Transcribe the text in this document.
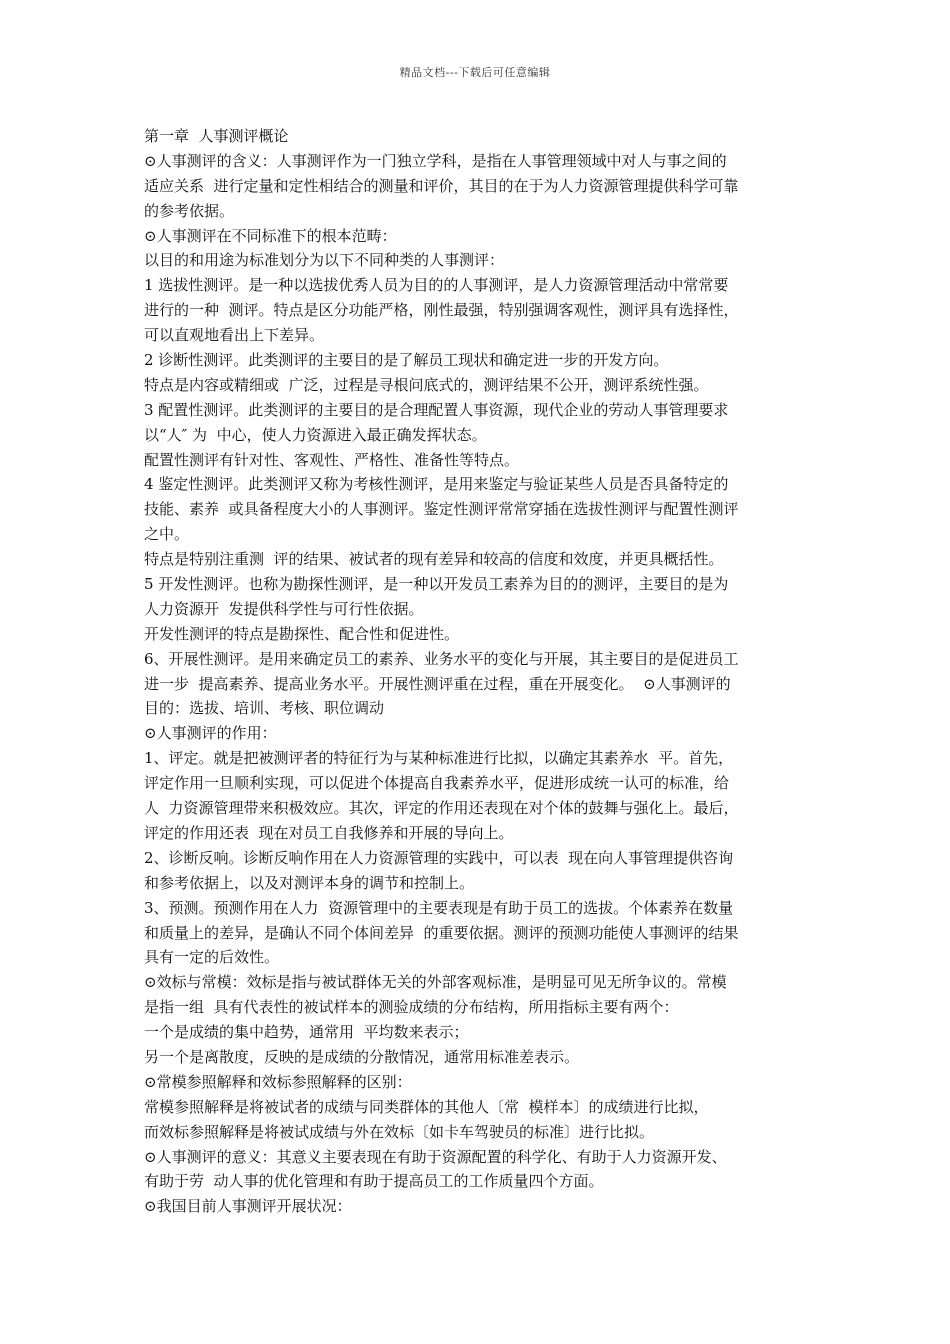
精品文档---下载后可任意编辑
第一章  人事测评概论
⊙人事测评的含义：人事测评作为一门独立学科，是指在人事管理领域中对人与事之间的
适应关系  进行定量和定性相结合的测量和评价，其目的在于为人力资源管理提供科学可靠
的参考依据。
⊙人事测评在不同标准下的根本范畴：
以目的和用途为标准划分为以下不同种类的人事测评：
1 选拔性测评。是一种以选拔优秀人员为目的的人事测评，是人力资源管理活动中常常要
进行的一种  测评。特点是区分功能严格，刚性最强，特别强调客观性，测评具有选择性，
可以直观地看出上下差异。
2 诊断性测评。此类测评的主要目的是了解员工现状和确定进一步的开发方向。
特点是内容或精细或  广泛，过程是寻根问底式的，测评结果不公开，测评系统性强。
3 配置性测评。此类测评的主要目的是合理配置人事资源，现代企业的劳动人事管理要求
以“人″ 为  中心，使人力资源进入最正确发挥状态。
配置性测评有针对性、客观性、严格性、准备性等特点。
4 鉴定性测评。此类测评又称为考核性测评，是用来鉴定与验证某些人员是否具备特定的
技能、素养  或具备程度大小的人事测评。鉴定性测评常常穿插在选拔性测评与配置性测评
之中。
特点是特别注重测  评的结果、被试者的现有差异和较高的信度和效度，并更具概括性。
5 开发性测评。也称为勘探性测评，是一种以开发员工素养为目的的测评，主要目的是为
人力资源开  发提供科学性与可行性依据。
开发性测评的特点是勘探性、配合性和促进性。
6、开展性测评。是用来确定员工的素养、业务水平的变化与开展，其主要目的是促进员工
进一步  提高素养、提高业务水平。开展性测评重在过程，重在开展变化。  ⊙人事测评的
目的：选拔、培训、考核、职位调动
⊙人事测评的作用：
1、评定。就是把被测评者的特征行为与某种标准进行比拟，以确定其素养水  平。首先，
评定作用一旦顺利实现，可以促进个体提高自我素养水平，促进形成统一认可的标准，给
人  力资源管理带来积极效应。其次，评定的作用还表现在对个体的鼓舞与强化上。最后，
评定的作用还表  现在对员工自我修养和开展的导向上。
2、诊断反响。诊断反响作用在人力资源管理的实践中，可以表  现在向人事管理提供咨询
和参考依据上，以及对测评本身的调节和控制上。
3、预测。预测作用在人力  资源管理中的主要表现是有助于员工的选拔。个体素养在数量
和质量上的差异，是确认不同个体间差异  的重要依据。测评的预测功能使人事测评的结果
具有一定的后效性。
⊙效标与常模：效标是指与被试群体无关的外部客观标准，是明显可见无所争议的。常模
是指一组  具有代表性的被试样本的测验成绩的分布结构，所用指标主要有两个：
一个是成绩的集中趋势，通常用  平均数来表示；
另一个是离散度，反映的是成绩的分散情况，通常用标准差表示。
⊙常模参照解释和效标参照解释的区别：
常模参照解释是将被试者的成绩与同类群体的其他人〔常  模样本〕的成绩进行比拟，
而效标参照解释是将被试成绩与外在效标〔如卡车驾驶员的标准〕进行比拟。
⊙人事测评的意义：其意义主要表现在有助于资源配置的科学化、有助于人力资源开发、
有助于劳  动人事的优化管理和有助于提高员工的工作质量四个方面。
⊙我国目前人事测评开展状况：
